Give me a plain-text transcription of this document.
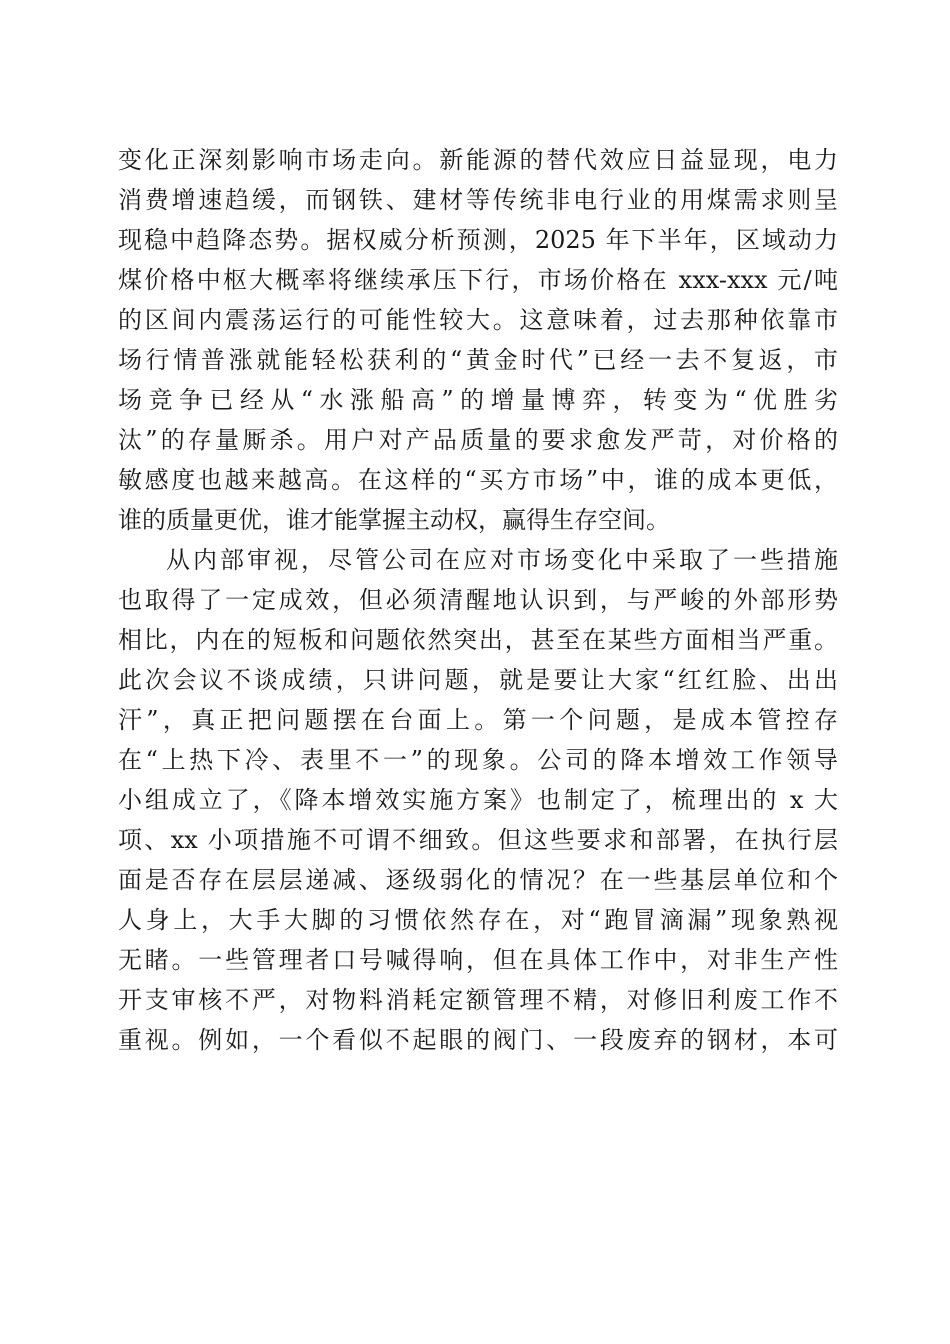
变化正深刻影响市场走向。新能源的替代效应日益显现，电力
消费增速趋缓，而钢铁、建材等传统非电行业的用煤需求则呈
现稳中趋降态势。据权威分析预测，2025 年下半年，区域动力
煤价格中枢大概率将继续承压下行，市场价格在 xxx-xxx 元/吨
的区间内震荡运行的可能性较大。这意味着，过去那种依靠市
场行情普涨就能轻松获利的“黄金时代”已经一去不复返，市
场竞争已经从“水涨船高”的增量博弈，转变为“优胜劣
汰”的存量厮杀。用户对产品质量的要求愈发严苛，对价格的
敏感度也越来越高。在这样的“买方市场”中，谁的成本更低，
谁的质量更优，谁才能掌握主动权，赢得生存空间。
从内部审视，尽管公司在应对市场变化中采取了一些措施
也取得了一定成效，但必须清醒地认识到，与严峻的外部形势
相比，内在的短板和问题依然突出，甚至在某些方面相当严重。
此次会议不谈成绩，只讲问题，就是要让大家“红红脸、出出
汗”，真正把问题摆在台面上。第一个问题，是成本管控存
在“上热下冷、表里不一”的现象。公司的降本增效工作领导
小组成立了，《降本增效实施方案》也制定了，梳理出的 x 大
项、xx 小项措施不可谓不细致。但这些要求和部署，在执行层
面是否存在层层递减、逐级弱化的情况？在一些基层单位和个
人身上，大手大脚的习惯依然存在，对“跑冒滴漏”现象熟视
无睹。一些管理者口号喊得响，但在具体工作中，对非生产性
开支审核不严，对物料消耗定额管理不精，对修旧利废工作不
重视。例如，一个看似不起眼的阀门、一段废弃的钢材，本可
